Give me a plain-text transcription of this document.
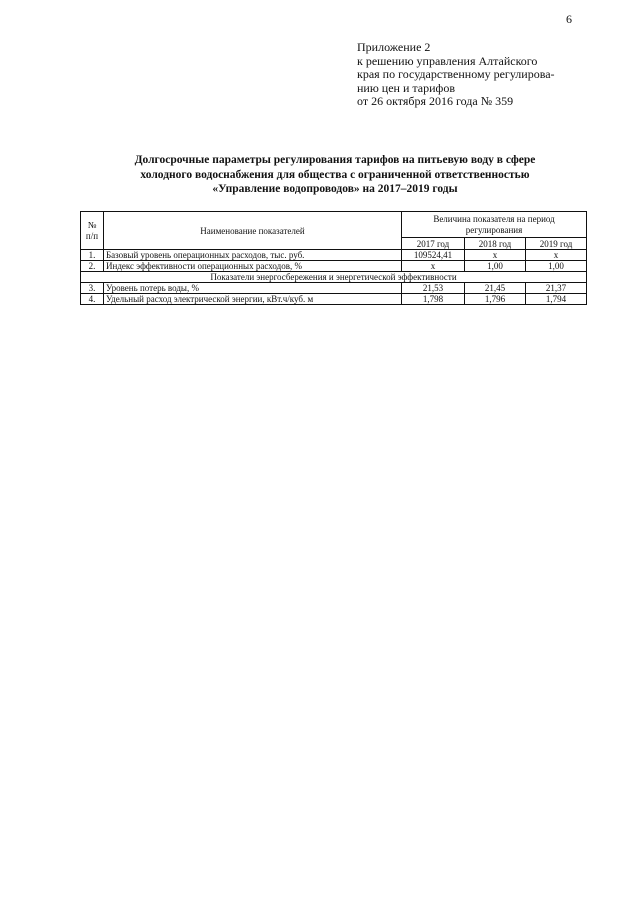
6
Приложение 2
к решению управления Алтайского
края по государственному регулирова-
нию цен и тарифов
от 26 октября 2016 года № 359
Долгосрочные параметры регулирования тарифов на питьевую воду в сфере
холодного водоснабжения для общества с ограниченной ответственностью
«Управление водопроводов» на 2017–2019 годы
№ п/п	Наименование показателей	Величина показателя на период регулирования		
		2017 год	2018 год	2019 год
1.	Базовый уровень операционных расходов, тыс. руб.	109524,41	x	x
2.	Индекс эффективности операционных расходов, %	x	1,00	1,00
Показатели энергосбережения и энергетической эффективности				
3.	Уровень потерь воды, %	21,53	21,45	21,37
4.	Удельный расход электрической энергии, кВт.ч/куб. м	1,798	1,796	1,794
